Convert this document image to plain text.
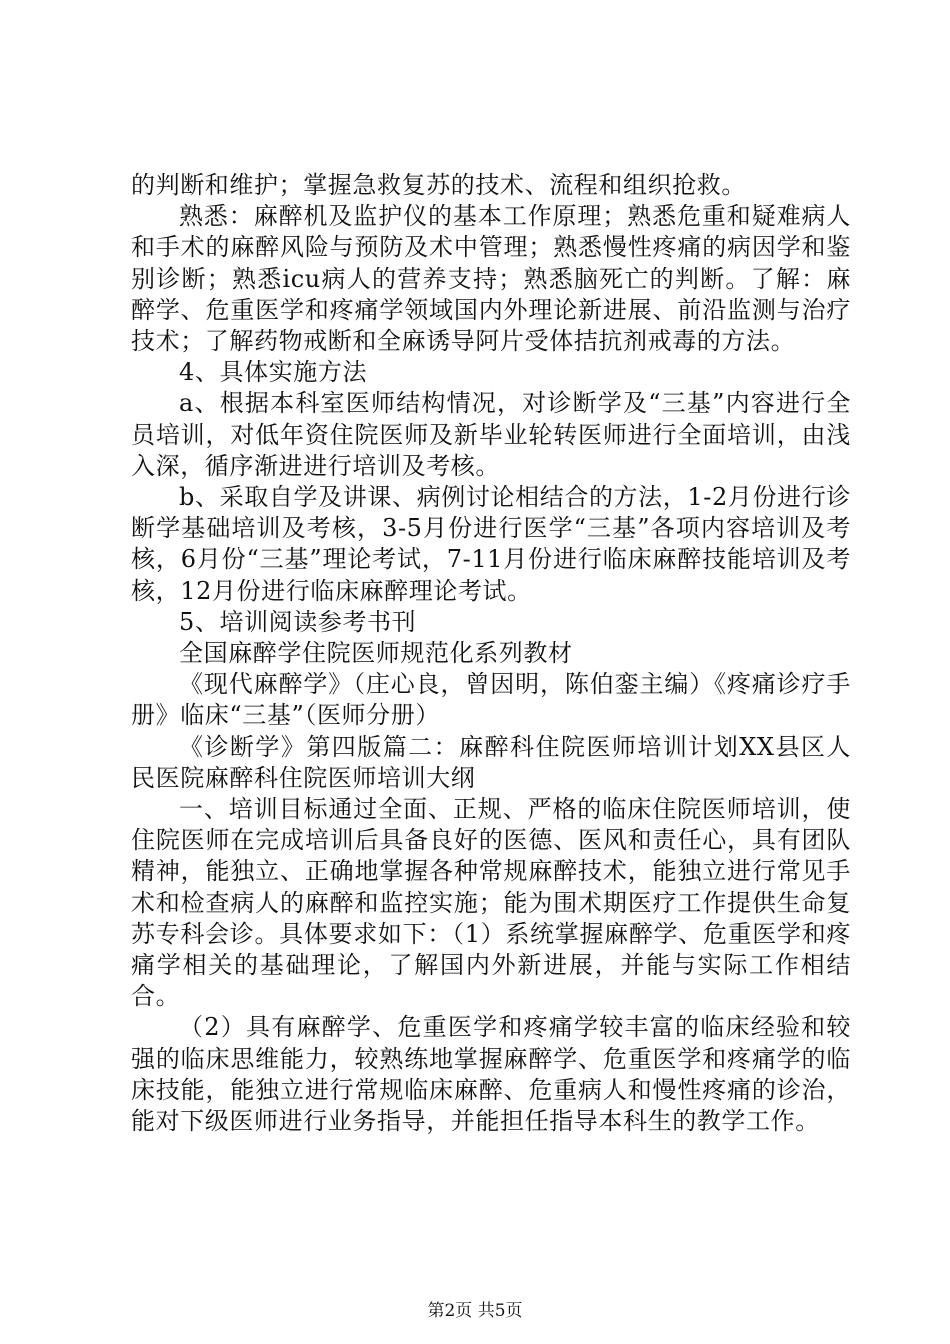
的判断和维护；掌握急救复苏的技术、流程和组织抢救。

熟悉：麻醉机及监护仪的基本工作原理；熟悉危重和疑难病人和手术的麻醉风险与预防及术中管理；熟悉慢性疼痛的病因学和鉴别诊断；熟悉icu病人的营养支持；熟悉脑死亡的判断。了解：麻醉学、危重医学和疼痛学领域国内外理论新进展、前沿监测与治疗技术；了解药物戒断和全麻诱导阿片受体拮抗剂戒毒的方法。

4、具体实施方法

a、根据本科室医师结构情况，对诊断学及“三基”内容进行全员培训，对低年资住院医师及新毕业轮转医师进行全面培训，由浅入深，循序渐进进行培训及考核。

b、采取自学及讲课、病例讨论相结合的方法，1-2月份进行诊断学基础培训及考核，3-5月份进行医学“三基”各项内容培训及考核，6月份“三基”理论考试，7-11月份进行临床麻醉技能培训及考核，12月份进行临床麻醉理论考试。

5、培训阅读参考书刊

全国麻醉学住院医师规范化系列教材

《现代麻醉学》（庄心良，曾因明，陈伯銮主编）《疼痛诊疗手册》临床“三基”（医师分册）

《诊断学》第四版篇二：麻醉科住院医师培训计划XX县区人民医院麻醉科住院医师培训大纲

一、培训目标通过全面、正规、严格的临床住院医师培训，使住院医师在完成培训后具备良好的医德、医风和责任心，具有团队精神，能独立、正确地掌握各种常规麻醉技术，能独立进行常见手术和检查病人的麻醉和监控实施；能为围术期医疗工作提供生命复苏专科会诊。具体要求如下：（1）系统掌握麻醉学、危重医学和疼痛学相关的基础理论，了解国内外新进展，并能与实际工作相结合。

（2）具有麻醉学、危重医学和疼痛学较丰富的临床经验和较强的临床思维能力，较熟练地掌握麻醉学、危重医学和疼痛学的临床技能，能独立进行常规临床麻醉、危重病人和慢性疼痛的诊治，能对下级医师进行业务指导，并能担任指导本科生的教学工作。

第2页 共5页
